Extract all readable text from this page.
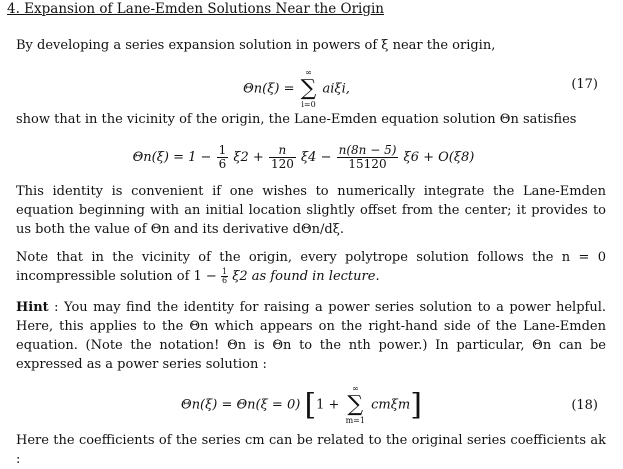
4. Expansion of Lane-Emden Solutions Near the Origin
By developing a series expansion solution in powers of ξ near the origin,
Θn(ξ) =
∞
∑
i=0
aiξi,	(17)
show that in the vicinity of the origin, the Lane-Emden equation solution Θn satisfies
$\Theta n(\xi) = 1 - \frac{1}{6} \xi 2 + \frac{n}{120} \xi 4 - \frac{n(8n - 5)}{15120} \xi 6 + O(\xi 8)$
This identity is convenient if one wishes to numerically integrate the Lane-Emden equation beginning with an initial location slightly offset from the center; it provides to us both the value of Θn and its derivative dΘn/dξ.
Note that in the vicinity of the origin, every polytrope solution follows the n = 0 incompressible solution of $1 - \frac{1}{6} \xi 2$ as found in lecture.
Hint : You may find the identity for raising a power series solution to a power helpful. Here, this applies to the Θn which appears on the right-hand side of the Lane-Emden equation. (Note the notation! Θn is Θn to the nth power.) In particular, Θn can be expressed as a power series solution :
Θn(ξ) = Θn(ξ = 0) [1 +
∞
∑
m=1
cmξm]	(18)
Here the coefficients of the series cm can be related to the original series coefficients ak :
